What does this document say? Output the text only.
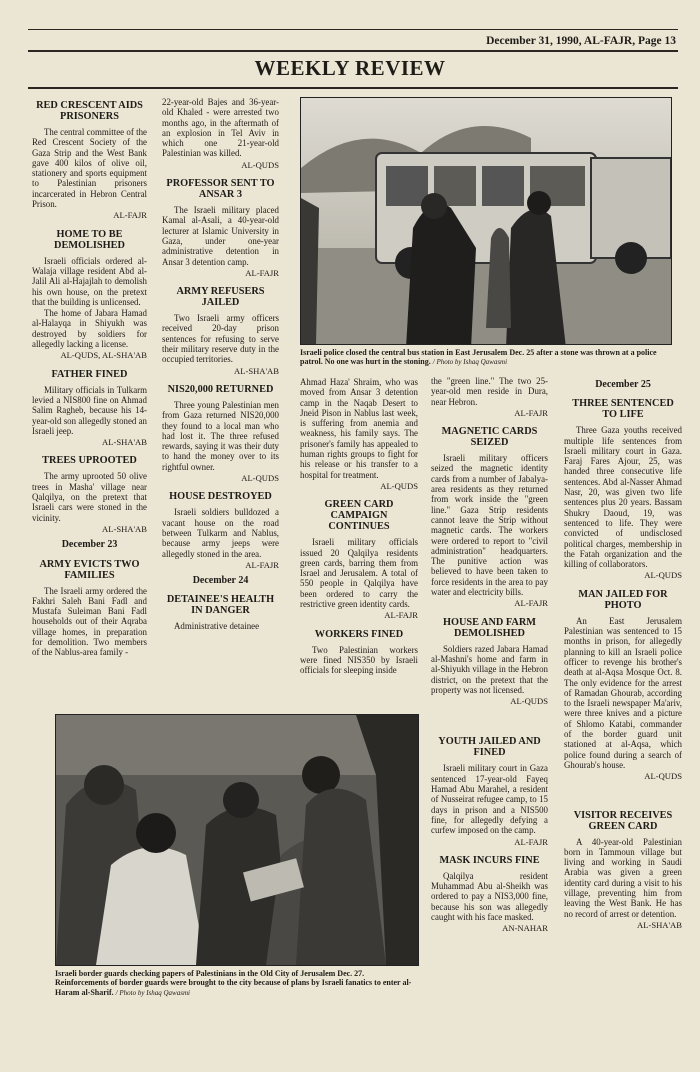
December 31, 1990, AL-FAJR, Page 13
WEEKLY REVIEW
RED CRESCENT AIDS PRISONERS

The central committee of the Red Crescent Society of the Gaza Strip and the West Bank gave 400 kilos of olive oil, stationery and sports equipment to Palestinian prisoners incarcerated in Hebron Central Prison.

AL-FAJR
HOME TO BE DEMOLISHED

Israeli officials ordered al-Walaja village resident Abd al-Jalil Ali al-Hajajlah to demolish his own house, on the pretext that the building is unlicensed.

The home of Jabara Hamad al-Halayqa in Shiyukh was destroyed by soldiers for allegedly lacking a license.

AL-QUDS, AL-SHA'AB
FATHER FINED

Military officials in Tulkarm levied a NIS800 fine on Ahmad Salim Ragheb, because his 14-year-old son allegedly stoned an Israeli jeep.

AL-SHA'AB
TREES UPROOTED

The army uprooted 50 olive trees in Masha' village near Qalqilya, on the pretext that Israeli cars were stoned in the vicinity.

AL-SHA'AB
December 23
ARMY EVICTS TWO FAMILIES

The Israeli army ordered the Fakhri Saleh Bani Fadl and Mustafa Suleiman Bani Fadl households out of their Aqraba village homes, in preparation for demolition. Two members of the Nablus-area family -

22-year-old Bajes and 36-year-old Khaled - were arrested two months ago, in the aftermath of an explosion in Tel Aviv in which one 21-year-old Palestinian was killed.

AL-QUDS
PROFESSOR SENT TO ANSAR 3

The Israeli military placed Kamal al-Asali, a 40-year-old lecturer at Islamic University in Gaza, under one-year administrative detention in Ansar 3 detention camp.

AL-FAJR
ARMY REFUSERS JAILED

Two Israeli army officers received 20-day prison sentences for refusing to serve their military reserve duty in the occupied territories.

AL-SHA'AB
NIS20,000 RETURNED

Three young Palestinian men from Gaza returned NIS20,000 they found to a local man who had lost it. The three refused rewards, saying it was their duty to hand the money over to its rightful owner.

AL-QUDS
HOUSE DESTROYED

Israeli soldiers bulldozed a vacant house on the road between Tulkarm and Nablus, because army jeeps were allegedly stoned in the area.

AL-FAJR
December 24
DETAINEE'S HEALTH IN DANGER

Administrative detainee

Israeli police closed the central bus station in East Jerusalem Dec. 25 after a stone was thrown at a police patrol. No one was hurt in the stoning. / Photo by Ishaq Qawasmi

Ahmad Haza' Shraim, who was moved from Ansar 3 detention camp in the Naqab Desert to Jneid Pison in Nablus last week, is suffering from anemia and weakness, his family says. The prisoner's family has appealed to human rights groups to fight for his release or his transfer to a hospital for treatment.

AL-QUDS
GREEN CARD CAMPAIGN CONTINUES

Israeli military officials issued 20 Qalqilya residents green cards, barring them from Israel and Jerusalem. A total of 550 people in Qalqilya have been ordered to carry the restrictive green identity cards.

AL-FAJR
WORKERS FINED

Two Palestinian workers were fined NIS350 by Israeli officials for sleeping inside

the "green line." The two 25-year-old men reside in Dura, near Hebron.

AL-FAJR
MAGNETIC CARDS SEIZED

Israeli military officers seized the magnetic identity cards from a number of Jabalya-area residents as they returned from work inside the "green line." Gaza Strip residents cannot leave the Strip without magnetic cards. The workers were ordered to report to "civil administration" headquarters. The punitive action was believed to have been taken to force residents in the area to pay water and electricity bills.

AL-FAJR
HOUSE AND FARM DEMOLISHED

Soldiers razed Jabara Hamad al-Mashni's home and farm in al-Shiyukh village in the Hebron district, on the pretext that the property was not licensed.

AL-QUDS
YOUTH JAILED AND FINED

Israeli military court in Gaza sentenced 17-year-old Fayeq Hamad Abu Marahel, a resident of Nusseirat refugee camp, to 15 days in prison and a NIS500 fine, for allegedly defying a curfew imposed on the camp.

AL-FAJR
MASK INCURS FINE

Qalqilya resident Muhammad Abu al-Sheikh was ordered to pay a NIS3,000 fine, because his son was allegedly caught with his face masked.

AN-NAHAR
December 25
THREE SENTENCED TO LIFE

Three Gaza youths received multiple life sentences from Israeli military court in Gaza. Faraj Fares Ajour, 25, was handed three consecutive life sentences. Abd al-Nasser Ahmad Nasr, 20, was given two life sentences plus 20 years. Bassam Shukry Daoud, 19, was sentenced to life. They were convicted of undisclosed political charges, membership in the Fatah organization and the killing of collaborators.

AL-QUDS
MAN JAILED FOR PHOTO

An East Jerusalem Palestinian was sentenced to 15 months in prison, for allegedly planning to kill an Israeli police officer to revenge his brother's death at al-Aqsa Mosque Oct. 8. The only evidence for the arrest of Ramadan Ghourab, according to the Israeli newspaper Ma'ariv, were three knives and a picture of Shlomo Katabi, commander of the border guard unit stationed at al-Aqsa, which police found during a search of Ghourab's house.

AL-QUDS
VISITOR RECEIVES GREEN CARD

A 40-year-old Palestinian born in Tammoun village but living and working in Saudi Arabia was given a green identity card during a visit to his village, preventing him from leaving the West Bank. He has no record of arrest or detention.

AL-SHA'AB
Israeli border guards checking papers of Palestinians in the Old City of Jerusalem Dec. 27. Reinforcements of border guards were brought to the city because of plans by Israeli fanatics to enter al-Haram al-Sharif. / Photo by Ishaq Qawasmi
